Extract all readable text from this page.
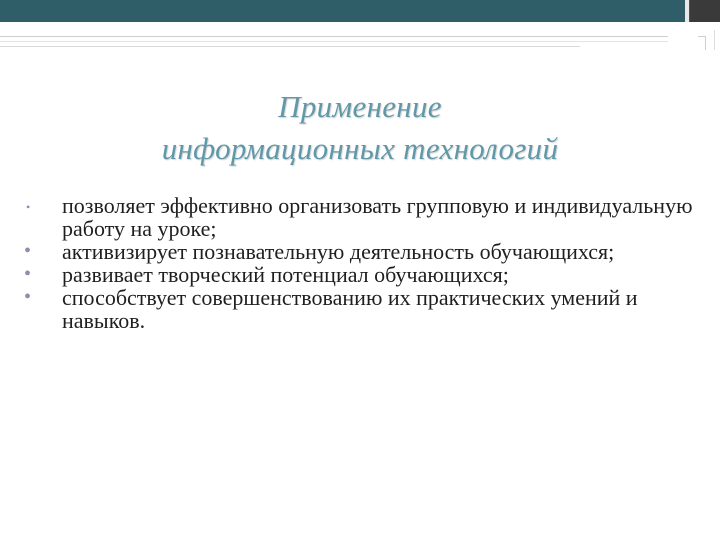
Применение
информационных технологий
• позволяет эффективно организовать групповую и индивидуальную работу на уроке;
• активизирует познавательную деятельность обучающихся;
• развивает творческий потенциал обучающихся;
• способствует совершенствованию их практических умений и навыков.
